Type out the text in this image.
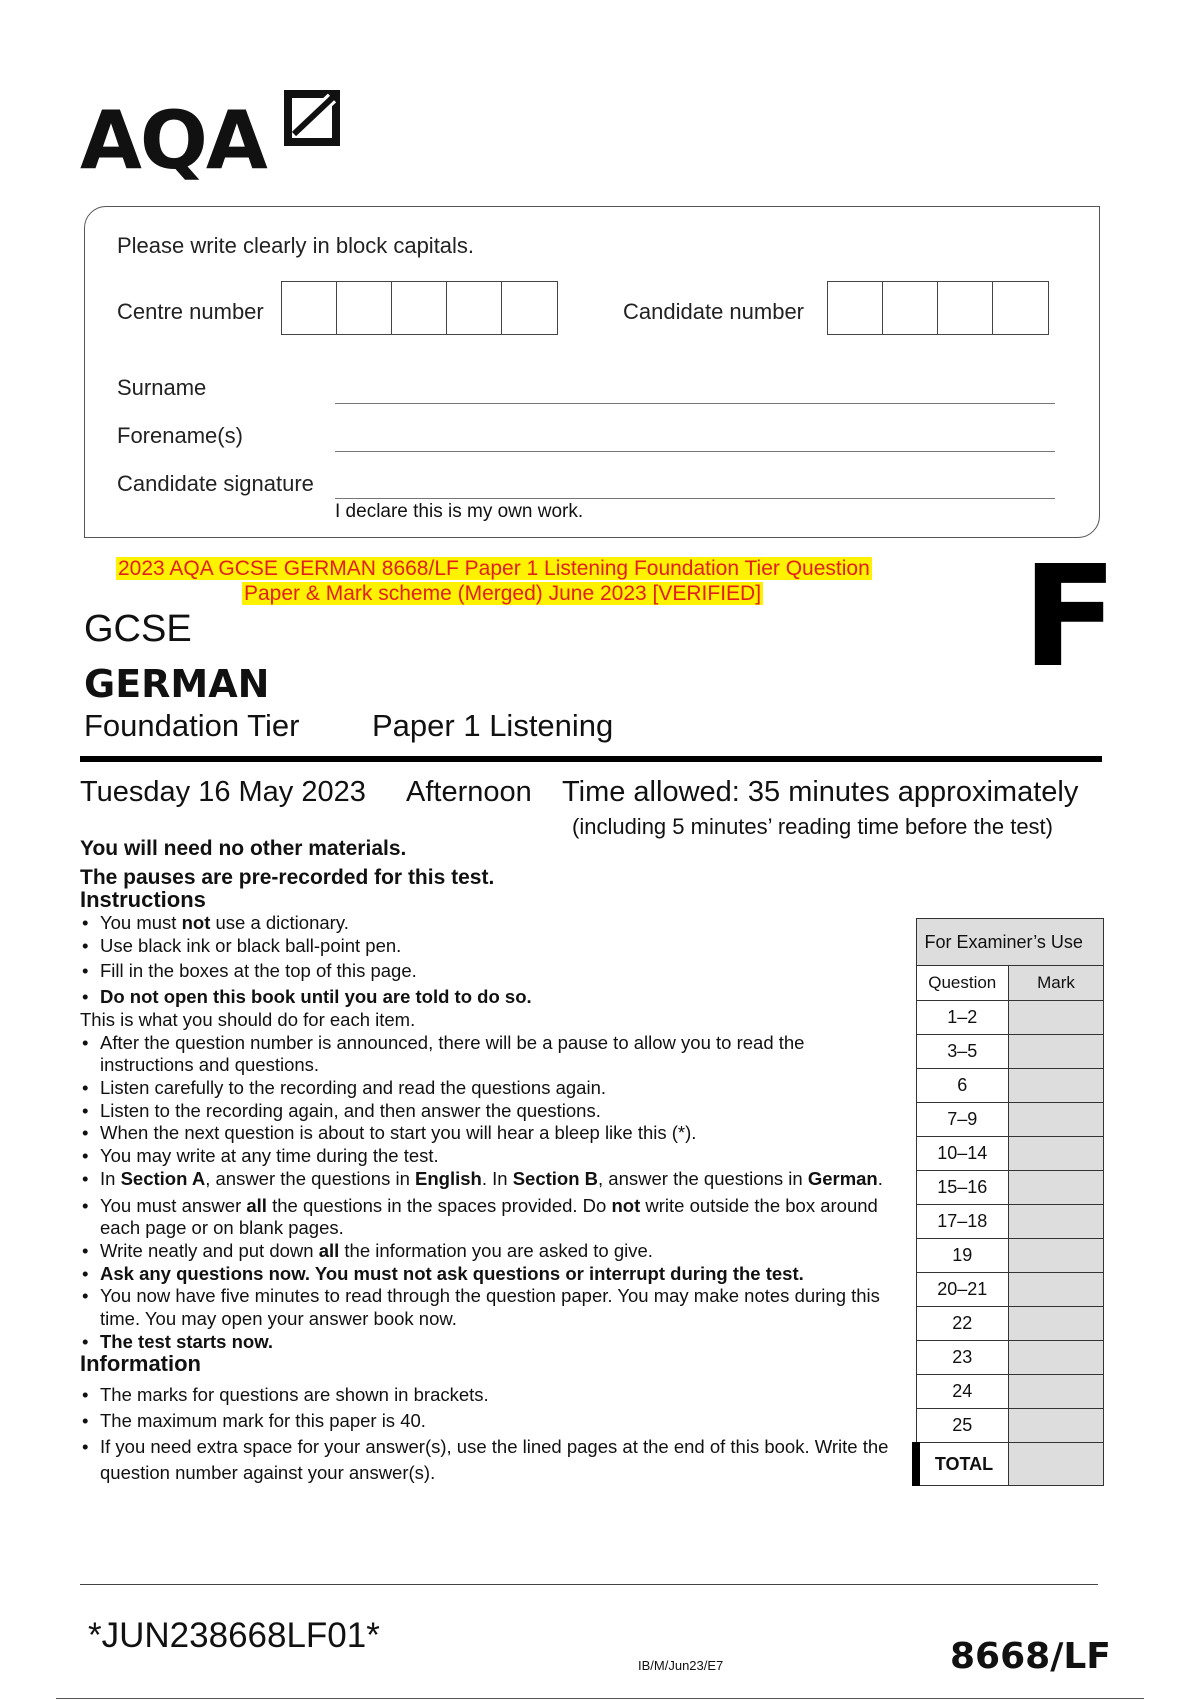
AQA
Please write clearly in block capitals.
Centre number	Candidate number
Surname
Forename(s)
Candidate signature
I declare this is my own work.
2023 AQA GCSE GERMAN 8668/LF Paper 1 Listening Foundation Tier Question
Paper & Mark scheme (Merged) June 2023 [VERIFIED] F
GCSE
GERMAN
Foundation Tier Paper 1 Listening
Tuesday 16 May 2023 Afternoon Time allowed: 35 minutes approximately
(including 5 minutes’ reading time before the test)
You will need no other materials.
The pauses are pre-recorded for this test.
Instructions
• You must not use a dictionary.
• Use black ink or black ball-point pen.
• Fill in the boxes at the top of this page.
• Do not open this book until you are told to do so.
This is what you should do for each item.
• After the question number is announced, there will be a pause to allow you to read the instructions and questions.
• Listen carefully to the recording and read the questions again.
• Listen to the recording again, and then answer the questions.
• When the next question is about to start you will hear a bleep like this (*).
• You may write at any time during the test.
• In Section A, answer the questions in English. In Section B, answer the questions in German.
• You must answer all the questions in the spaces provided. Do not write outside the box around each page or on blank pages.
• Write neatly and put down all the information you are asked to give.
• Ask any questions now. You must not ask questions or interrupt during the test.
• You now have five minutes to read through the question paper. You may make notes during this time. You may open your answer book now.
• The test starts now.
Information
• The marks for questions are shown in brackets.
• The maximum mark for this paper is 40.
• If you need extra space for your answer(s), use the lined pages at the end of this book. Write the question number against your answer(s).
For Examiner’s Use	
Question	Mark
1–2	
3–5	
6	
7–9	
10–14	
15–16	
17–18	
19	
20–21	
22	
23	
24	
25	
TOTAL	
*JUN238668LF01*
IB/M/Jun23/E7	8668/LF
